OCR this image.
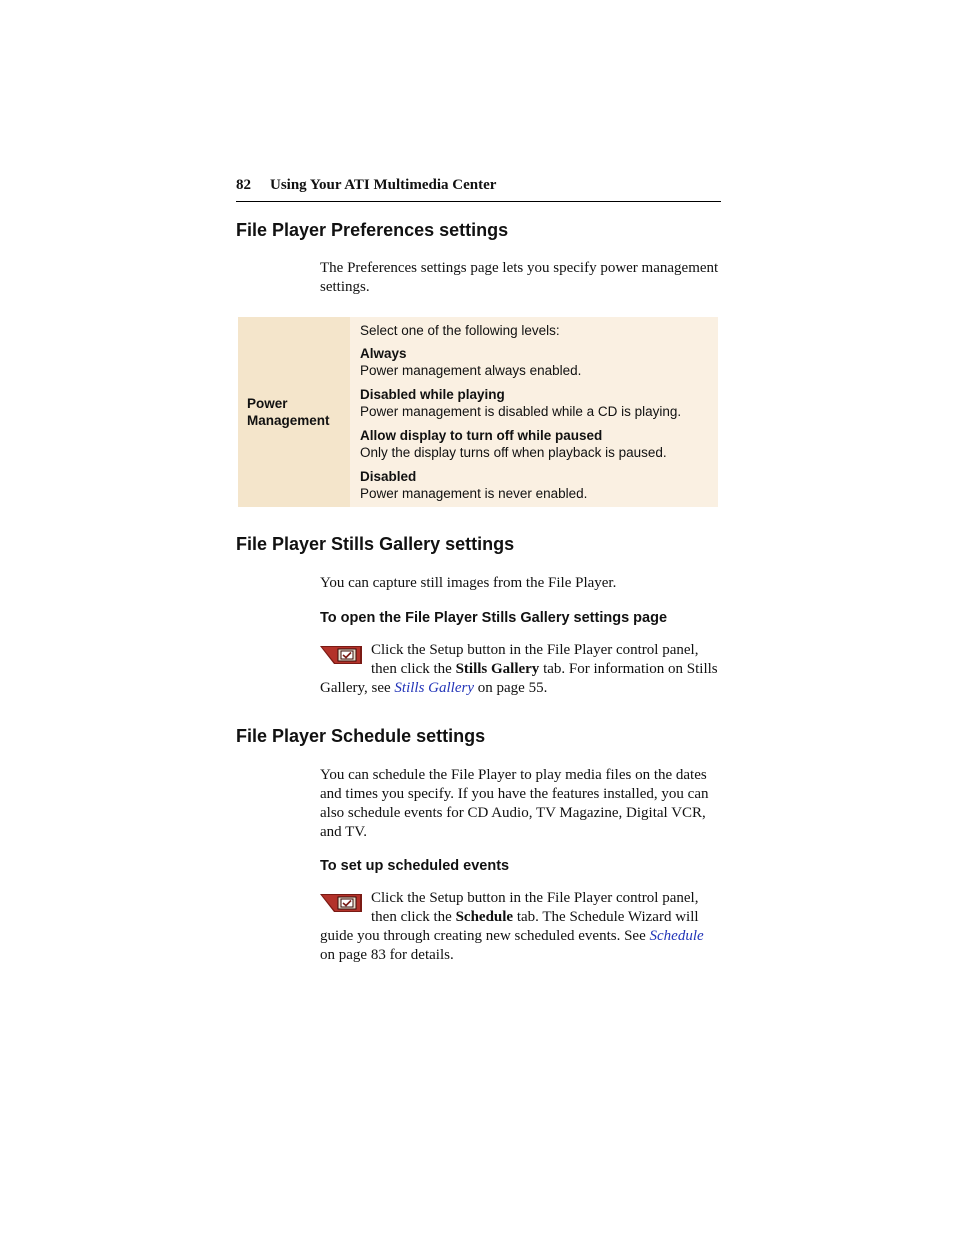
82 Using Your ATI Multimedia Center
File Player Preferences settings
The Preferences settings page lets you specify power management settings.
Power Management
Select one of the following levels:
Always
Power management always enabled.
Disabled while playing
Power management is disabled while a CD is playing.
Allow display to turn off while paused
Only the display turns off when playback is paused.
Disabled
Power management is never enabled.
File Player Stills Gallery settings
You can capture still images from the File Player.
To open the File Player Stills Gallery settings page
Click the Setup button in the File Player control panel, then click the Stills Gallery tab. For information on Stills Gallery, see Stills Gallery on page 55.
File Player Schedule settings
You can schedule the File Player to play media files on the dates and times you specify. If you have the features installed, you can also schedule events for CD Audio, TV Magazine, Digital VCR, and TV.
To set up scheduled events
Click the Setup button in the File Player control panel, then click the Schedule tab. The Schedule Wizard will guide you through creating new scheduled events. See Schedule on page 83 for details.
